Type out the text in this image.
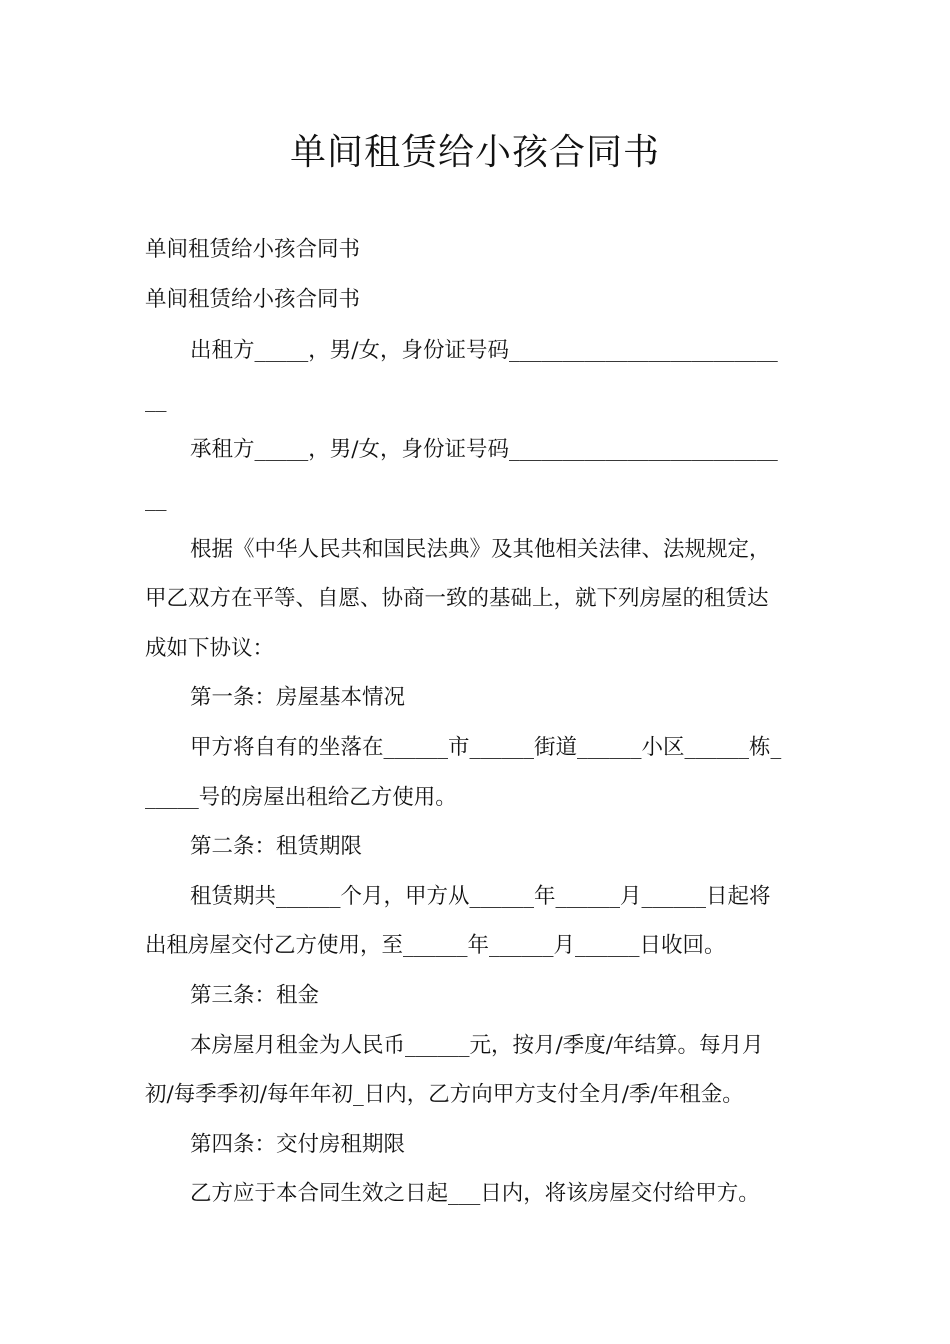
单间租赁给小孩合同书
单间租赁给小孩合同书
单间租赁给小孩合同书
出租方_____，男/女，身份证号码_________________________
__
承租方_____，男/女，身份证号码_________________________
__
根据《中华人民共和国民法典》及其他相关法律、法规规定，
甲乙双方在平等、自愿、协商一致的基础上，就下列房屋的租赁达
成如下协议：
第一条：房屋基本情况
甲方将自有的坐落在______市______街道______小区______栋_
_____号的房屋出租给乙方使用。
第二条：租赁期限
租赁期共______个月，甲方从______年______月______日起将
出租房屋交付乙方使用，至______年______月______日收回。
第三条：租金
本房屋月租金为人民币______元，按月/季度/年结算。每月月
初/每季季初/每年年初_日内，乙方向甲方支付全月/季/年租金。
第四条：交付房租期限
乙方应于本合同生效之日起___日内，将该房屋交付给甲方。
